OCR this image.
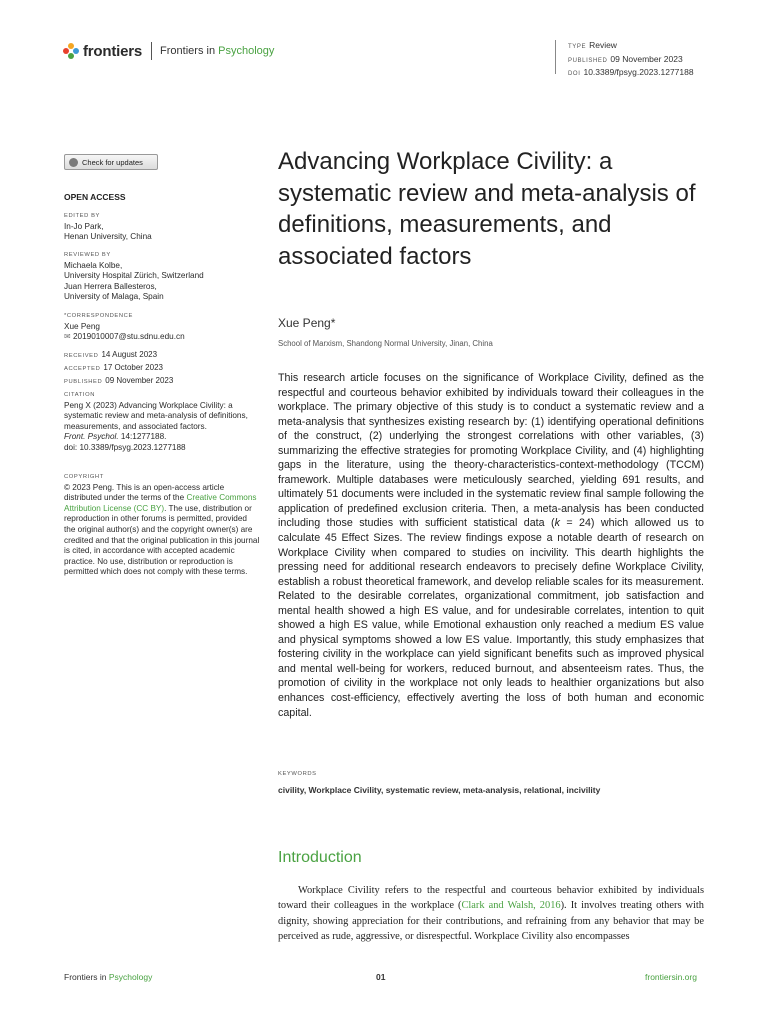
frontiers Frontiers in Psychology	TYPE Review
PUBLISHED 09 November 2023
DOI 10.3389/fpsyg.2023.1277188
Check for updates
OPEN ACCESS
EDITED BY
In-Jo Park,
Henan University, China
REVIEWED BY
Michaela Kolbe,
University Hospital Zürich, Switzerland
Juan Herrera Ballesteros,
University of Malaga, Spain
*CORRESPONDENCE
Xue Peng
✉ 2019010007@stu.sdnu.edu.cn
RECEIVED 14 August 2023
ACCEPTED 17 October 2023
PUBLISHED 09 November 2023
CITATION
Peng X (2023) Advancing Workplace Civility: a systematic review and meta-analysis of definitions, measurements, and associated factors.
Front. Psychol. 14:1277188.
doi: 10.3389/fpsyg.2023.1277188
COPYRIGHT
© 2023 Peng. This is an open-access article distributed under the terms of the Creative Commons Attribution License (CC BY). The use, distribution or reproduction in other forums is permitted, provided the original author(s) and the copyright owner(s) are credited and that the original publication in this journal is cited, in accordance with accepted academic practice. No use, distribution or reproduction is permitted which does not comply with these terms.
Advancing Workplace Civility: a systematic review and meta-analysis of definitions, measurements, and associated factors
Xue Peng*
School of Marxism, Shandong Normal University, Jinan, China

This research article focuses on the significance of Workplace Civility, defined as the respectful and courteous behavior exhibited by individuals toward their colleagues in the workplace. The primary objective of this study is to conduct a systematic review and a meta-analysis that synthesizes existing research by: (1) identifying operational definitions of the construct, (2) underlying the strongest correlations with other variables, (3) summarizing the effective strategies for promoting Workplace Civility, and (4) highlighting gaps in the literature, using the theory-characteristics-context-methodology (TCCM) framework. Multiple databases were meticulously searched, yielding 691 results, and ultimately 51 documents were included in the systematic review final sample following the application of predefined exclusion criteria. Then, a meta-analysis has been conducted including those studies with sufficient statistical data (k = 24) which allowed us to calculate 45 Effect Sizes. The review findings expose a notable dearth of research on Workplace Civility when compared to studies on incivility. This dearth highlights the pressing need for additional research endeavors to precisely define Workplace Civility, establish a robust theoretical framework, and develop reliable scales for its measurement. Related to the desirable correlates, organizational commitment, job satisfaction and mental health showed a high ES value, and for undesirable correlates, intention to quit showed a high ES value, while Emotional exhaustion only reached a medium ES value and physical symptoms showed a low ES value. Importantly, this study emphasizes that fostering civility in the workplace can yield significant benefits such as improved physical and mental well-being for workers, reduced burnout, and absenteeism rates. Thus, the promotion of civility in the workplace not only leads to healthier organizations but also enhances cost-efficiency, effectively averting the loss of both human and economic capital.

KEYWORDS
civility, Workplace Civility, systematic review, meta-analysis, relational, incivility
Introduction

Workplace Civility refers to the respectful and courteous behavior exhibited by individuals toward their colleagues in the workplace (Clark and Walsh, 2016). It involves treating others with dignity, showing appreciation for their contributions, and refraining from any behavior that may be perceived as rude, aggressive, or disrespectful. Workplace Civility also encompasses

Frontiers in Psychology	01	frontiersin.org
